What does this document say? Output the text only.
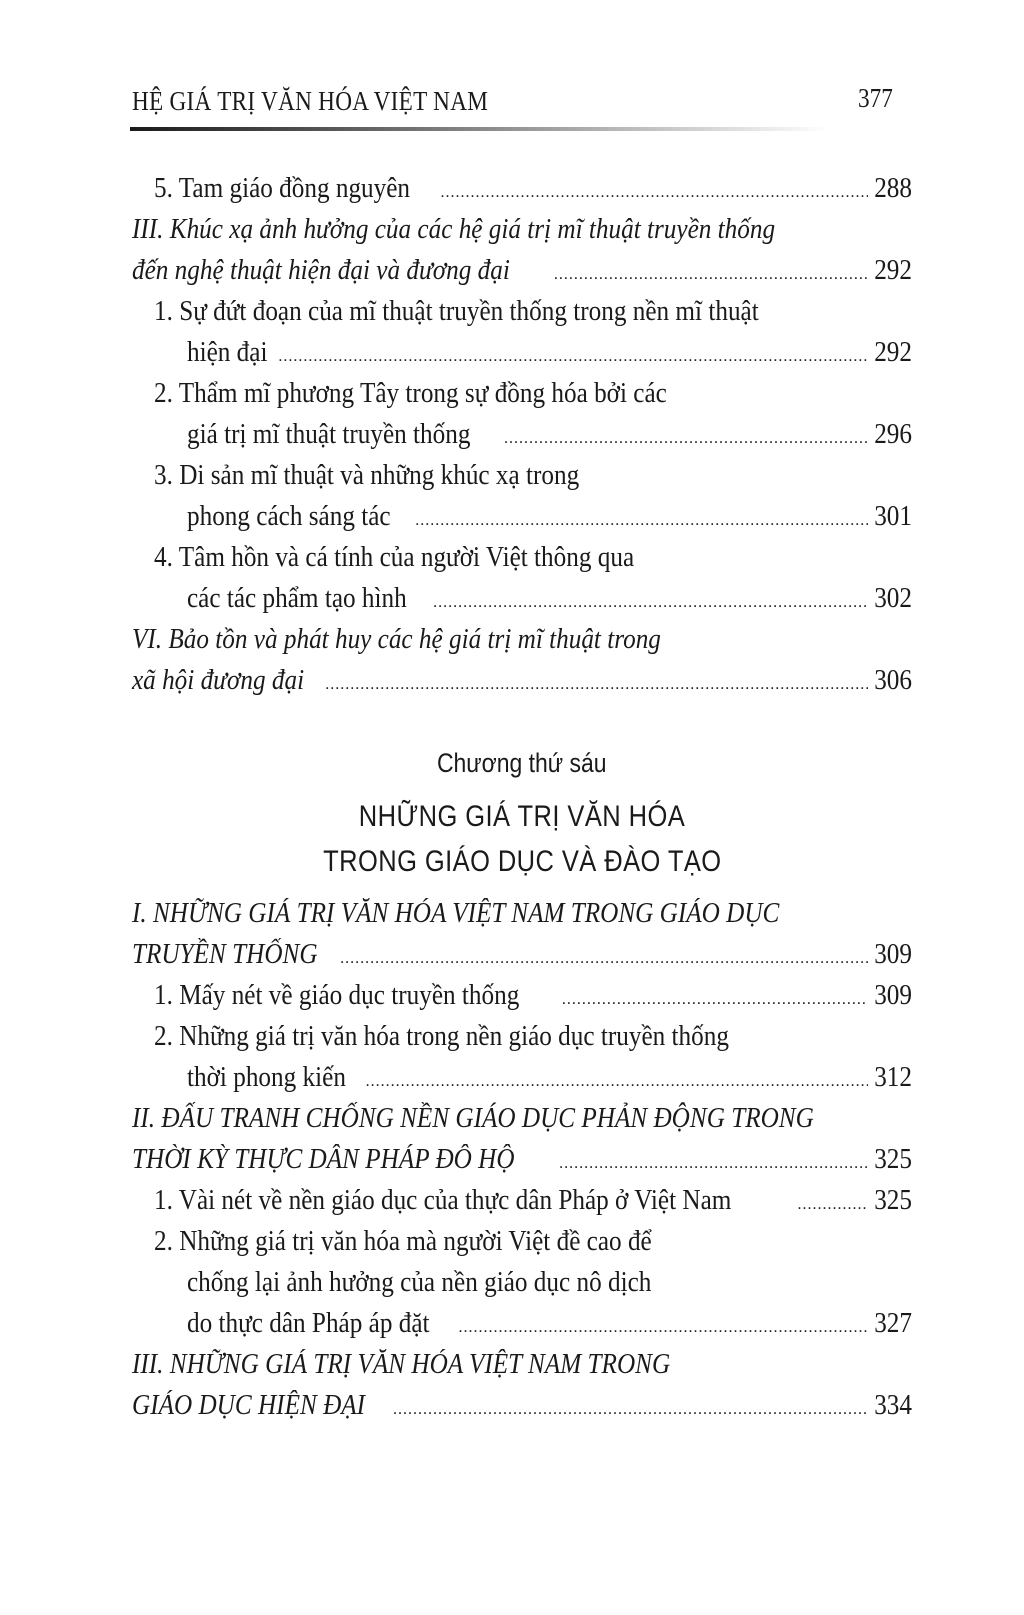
HỆ GIÁ TRỊ VĂN HÓA VIỆT NAM	377
5. Tam giáo đồng nguyên .....	288
III. Khúc xạ ảnh hưởng của các hệ giá trị mĩ thuật truyền thống
đến nghệ thuật hiện đại và đương đại .....	292
1. Sự đứt đoạn của mĩ thuật truyền thống trong nền mĩ thuật
hiện đại .....	292
2. Thẩm mĩ phương Tây trong sự đồng hóa bởi các
giá trị mĩ thuật truyền thống .....	296
3. Di sản mĩ thuật và những khúc xạ trong
phong cách sáng tác .....	301
4. Tâm hồn và cá tính của người Việt thông qua
các tác phẩm tạo hình .....	302
VI. Bảo tồn và phát huy các hệ giá trị mĩ thuật trong
xã hội đương đại .....	306
Chương thứ sáu
NHỮNG GIÁ TRỊ VĂN HÓA
TRONG GIÁO DỤC VÀ ĐÀO TẠO
I. NHỮNG GIÁ TRỊ VĂN HÓA VIỆT NAM TRONG GIÁO DỤC
TRUYỀN THỐNG .....	309
1. Mấy nét về giáo dục truyền thống .....	309
2. Những giá trị văn hóa trong nền giáo dục truyền thống
thời phong kiến .....	312
II. ĐẤU TRANH CHỐNG NỀN GIÁO DỤC PHẢN ĐỘNG TRONG
THỜI KỲ THỰC DÂN PHÁP ĐÔ HỘ .....	325
1. Vài nét về nền giáo dục của thực dân Pháp ở Việt Nam .....	325
2. Những giá trị văn hóa mà người Việt đề cao để
chống lại ảnh hưởng của nền giáo dục nô dịch
do thực dân Pháp áp đặt .....	327
III. NHỮNG GIÁ TRỊ VĂN HÓA VIỆT NAM TRONG
GIÁO DỤC HIỆN ĐẠI .....	334
